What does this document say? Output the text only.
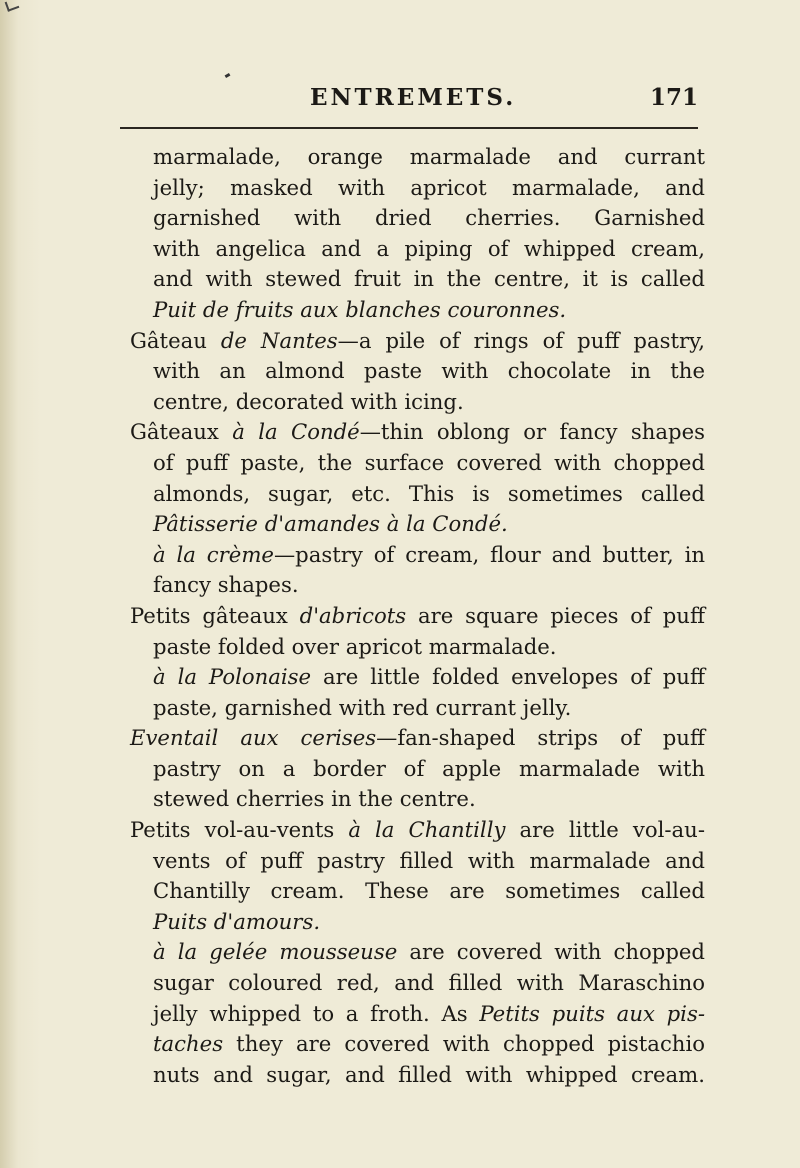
ENTREMETS.	171
marmalade, orange marmalade and currant
jelly; masked with apricot marmalade, and
garnished with dried cherries. Garnished
with angelica and a piping of whipped cream,
and with stewed fruit in the centre, it is called
Puit de fruits aux blanches couronnes.
Gâteau de Nantes—a pile of rings of puff pastry,
with an almond paste with chocolate in the
centre, decorated with icing.
Gâteaux à la Condé—thin oblong or fancy shapes
of puff paste, the surface covered with chopped
almonds, sugar, etc. This is sometimes called
Pâtisserie d'amandes à la Condé.
à la crème—pastry of cream, flour and butter, in
fancy shapes.
Petits gâteaux d'abricots are square pieces of puff
paste folded over apricot marmalade.
à la Polonaise are little folded envelopes of puff
paste, garnished with red currant jelly.
Eventail aux cerises—fan-shaped strips of puff
pastry on a border of apple marmalade with
stewed cherries in the centre.
Petits vol-au-vents à la Chantilly are little vol-au-
vents of puff pastry filled with marmalade and
Chantilly cream. These are sometimes called
Puits d'amours.
à la gelée mousseuse are covered with chopped
sugar coloured red, and filled with Maraschino
jelly whipped to a froth. As Petits puits aux pis-
taches they are covered with chopped pistachio
nuts and sugar, and filled with whipped cream.
